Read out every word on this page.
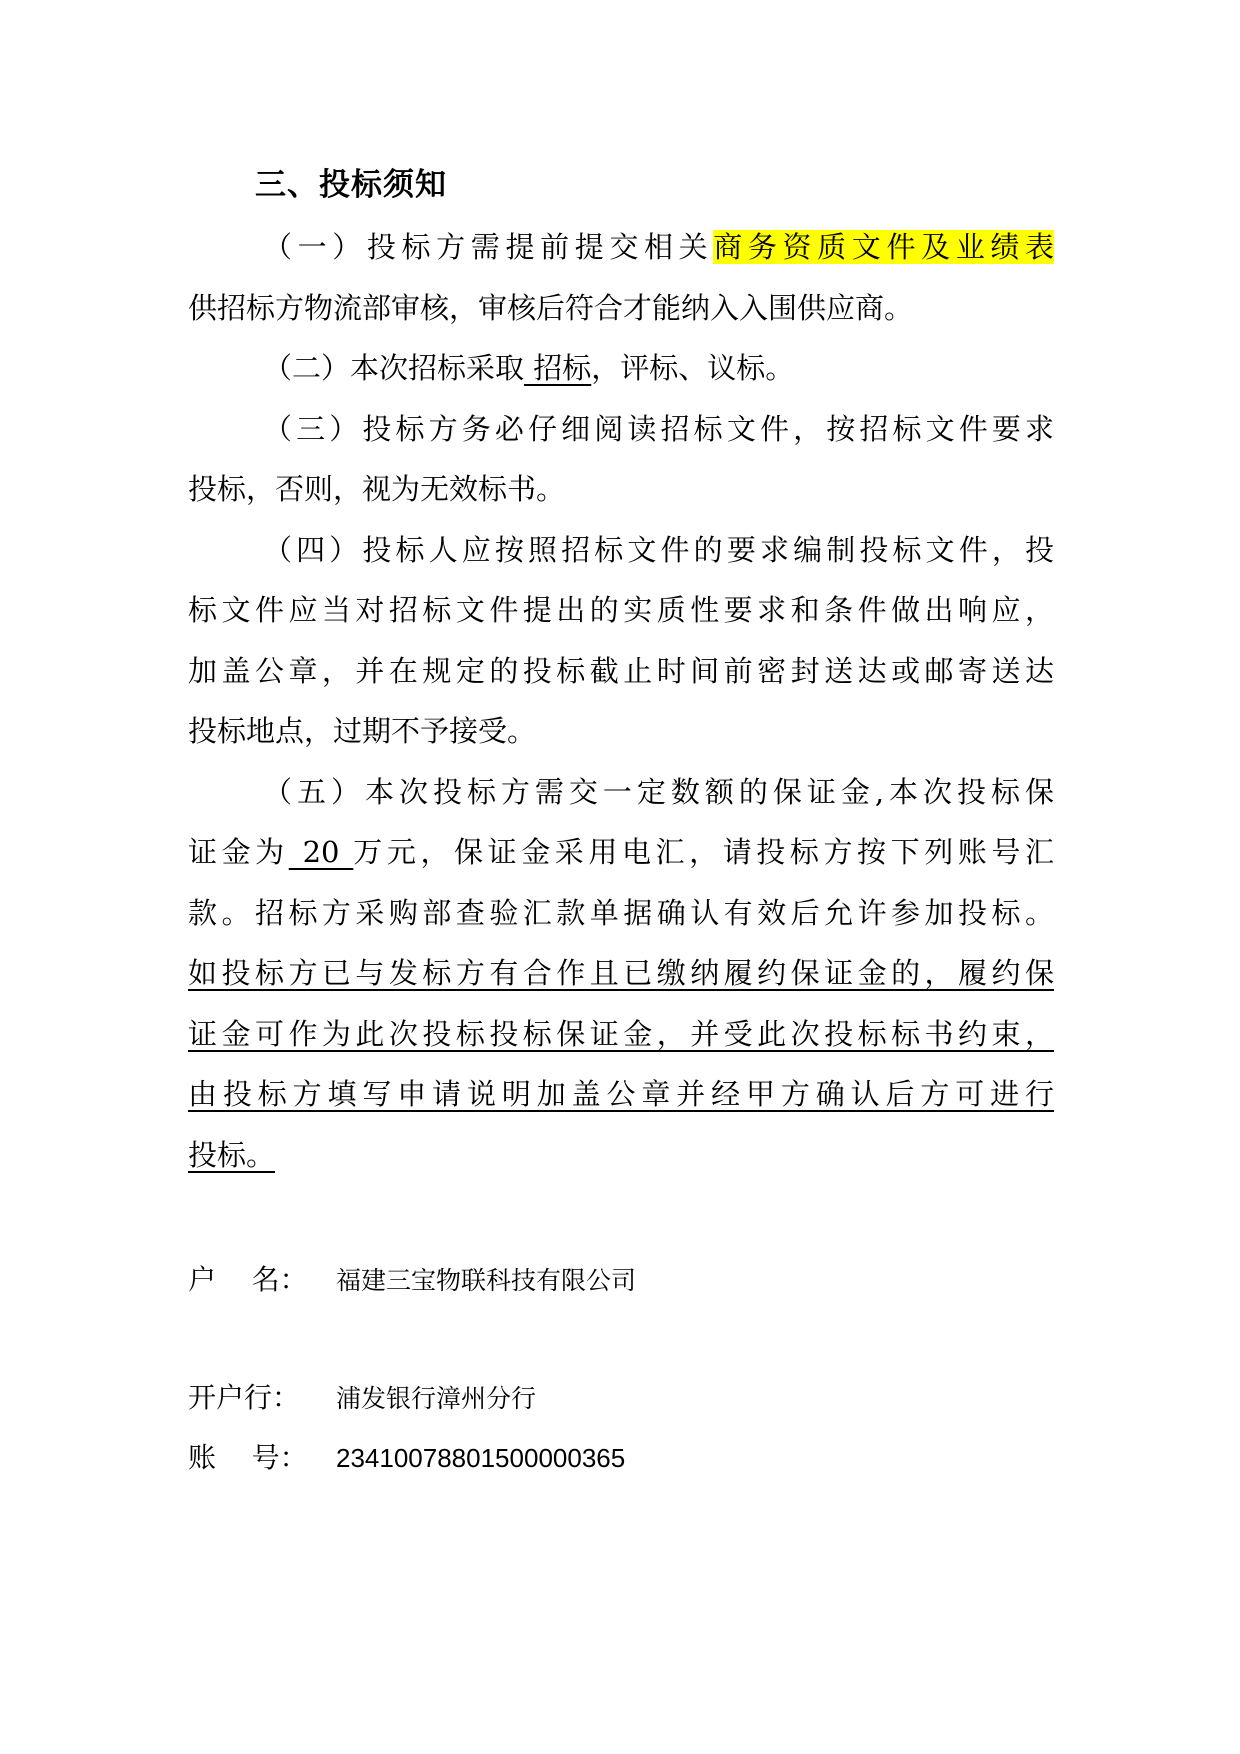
三、投标须知
（一）投标方需提前提交相关商务资质文件及业绩表
供招标方物流部审核，审核后符合才能纳入入围供应商。
（二）本次招标采取 招标，评标、议标。
（三）投标方务必仔细阅读招标文件，按招标文件要求
投标，否则，视为无效标书。
（四）投标人应按照招标文件的要求编制投标文件，投
标文件应当对招标文件提出的实质性要求和条件做出响应，
加盖公章，并在规定的投标截止时间前密封送达或邮寄送达
投标地点，过期不予接受。
（五）本次投标方需交一定数额的保证金,本次投标保
证金为 20 万元，保证金采用电汇，请投标方按下列账号汇
款。招标方采购部查验汇款单据确认有效后允许参加投标。
如投标方已与发标方有合作且已缴纳履约保证金的，履约保
证金可作为此次投标投标保证金，并受此次投标标书约束，
由投标方填写申请说明加盖公章并经甲方确认后方可进行
投标。
户    名： 福建三宝物联科技有限公司
开户行： 浦发银行漳州分行
账    号： 23410078801500000365
